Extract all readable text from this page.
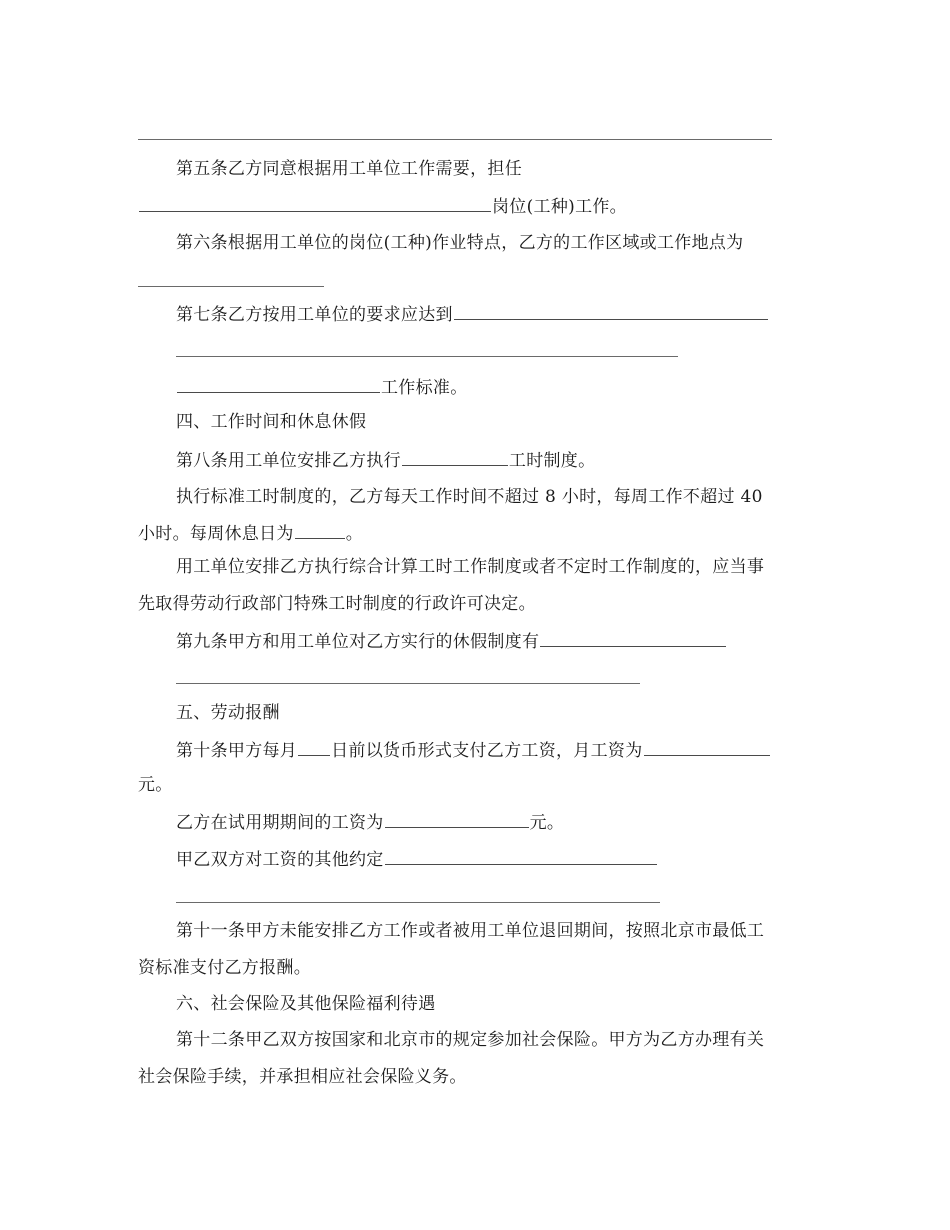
第五条乙方同意根据用工单位工作需要，担任
岗位(工种)工作。
第六条根据用工单位的岗位(工种)作业特点，乙方的工作区域或工作地点为
第七条乙方按用工单位的要求应达到
工作标准。
四、工作时间和休息休假
第八条用工单位安排乙方执行	工时制度。
执行标准工时制度的，乙方每天工作时间不超过 8 小时，每周工作不超过 40
小时。每周休息日为	。
用工单位安排乙方执行综合计算工时工作制度或者不定时工作制度的，应当事
先取得劳动行政部门特殊工时制度的行政许可决定。
第九条甲方和用工单位对乙方实行的休假制度有
五、劳动报酬
第十条甲方每月 日前以货币形式支付乙方工资，月工资为
元。
乙方在试用期期间的工资为	元。
甲乙双方对工资的其他约定
第十一条甲方未能安排乙方工作或者被用工单位退回期间，按照北京市最低工
资标准支付乙方报酬。
六、社会保险及其他保险福利待遇
第十二条甲乙双方按国家和北京市的规定参加社会保险。甲方为乙方办理有关
社会保险手续，并承担相应社会保险义务。
